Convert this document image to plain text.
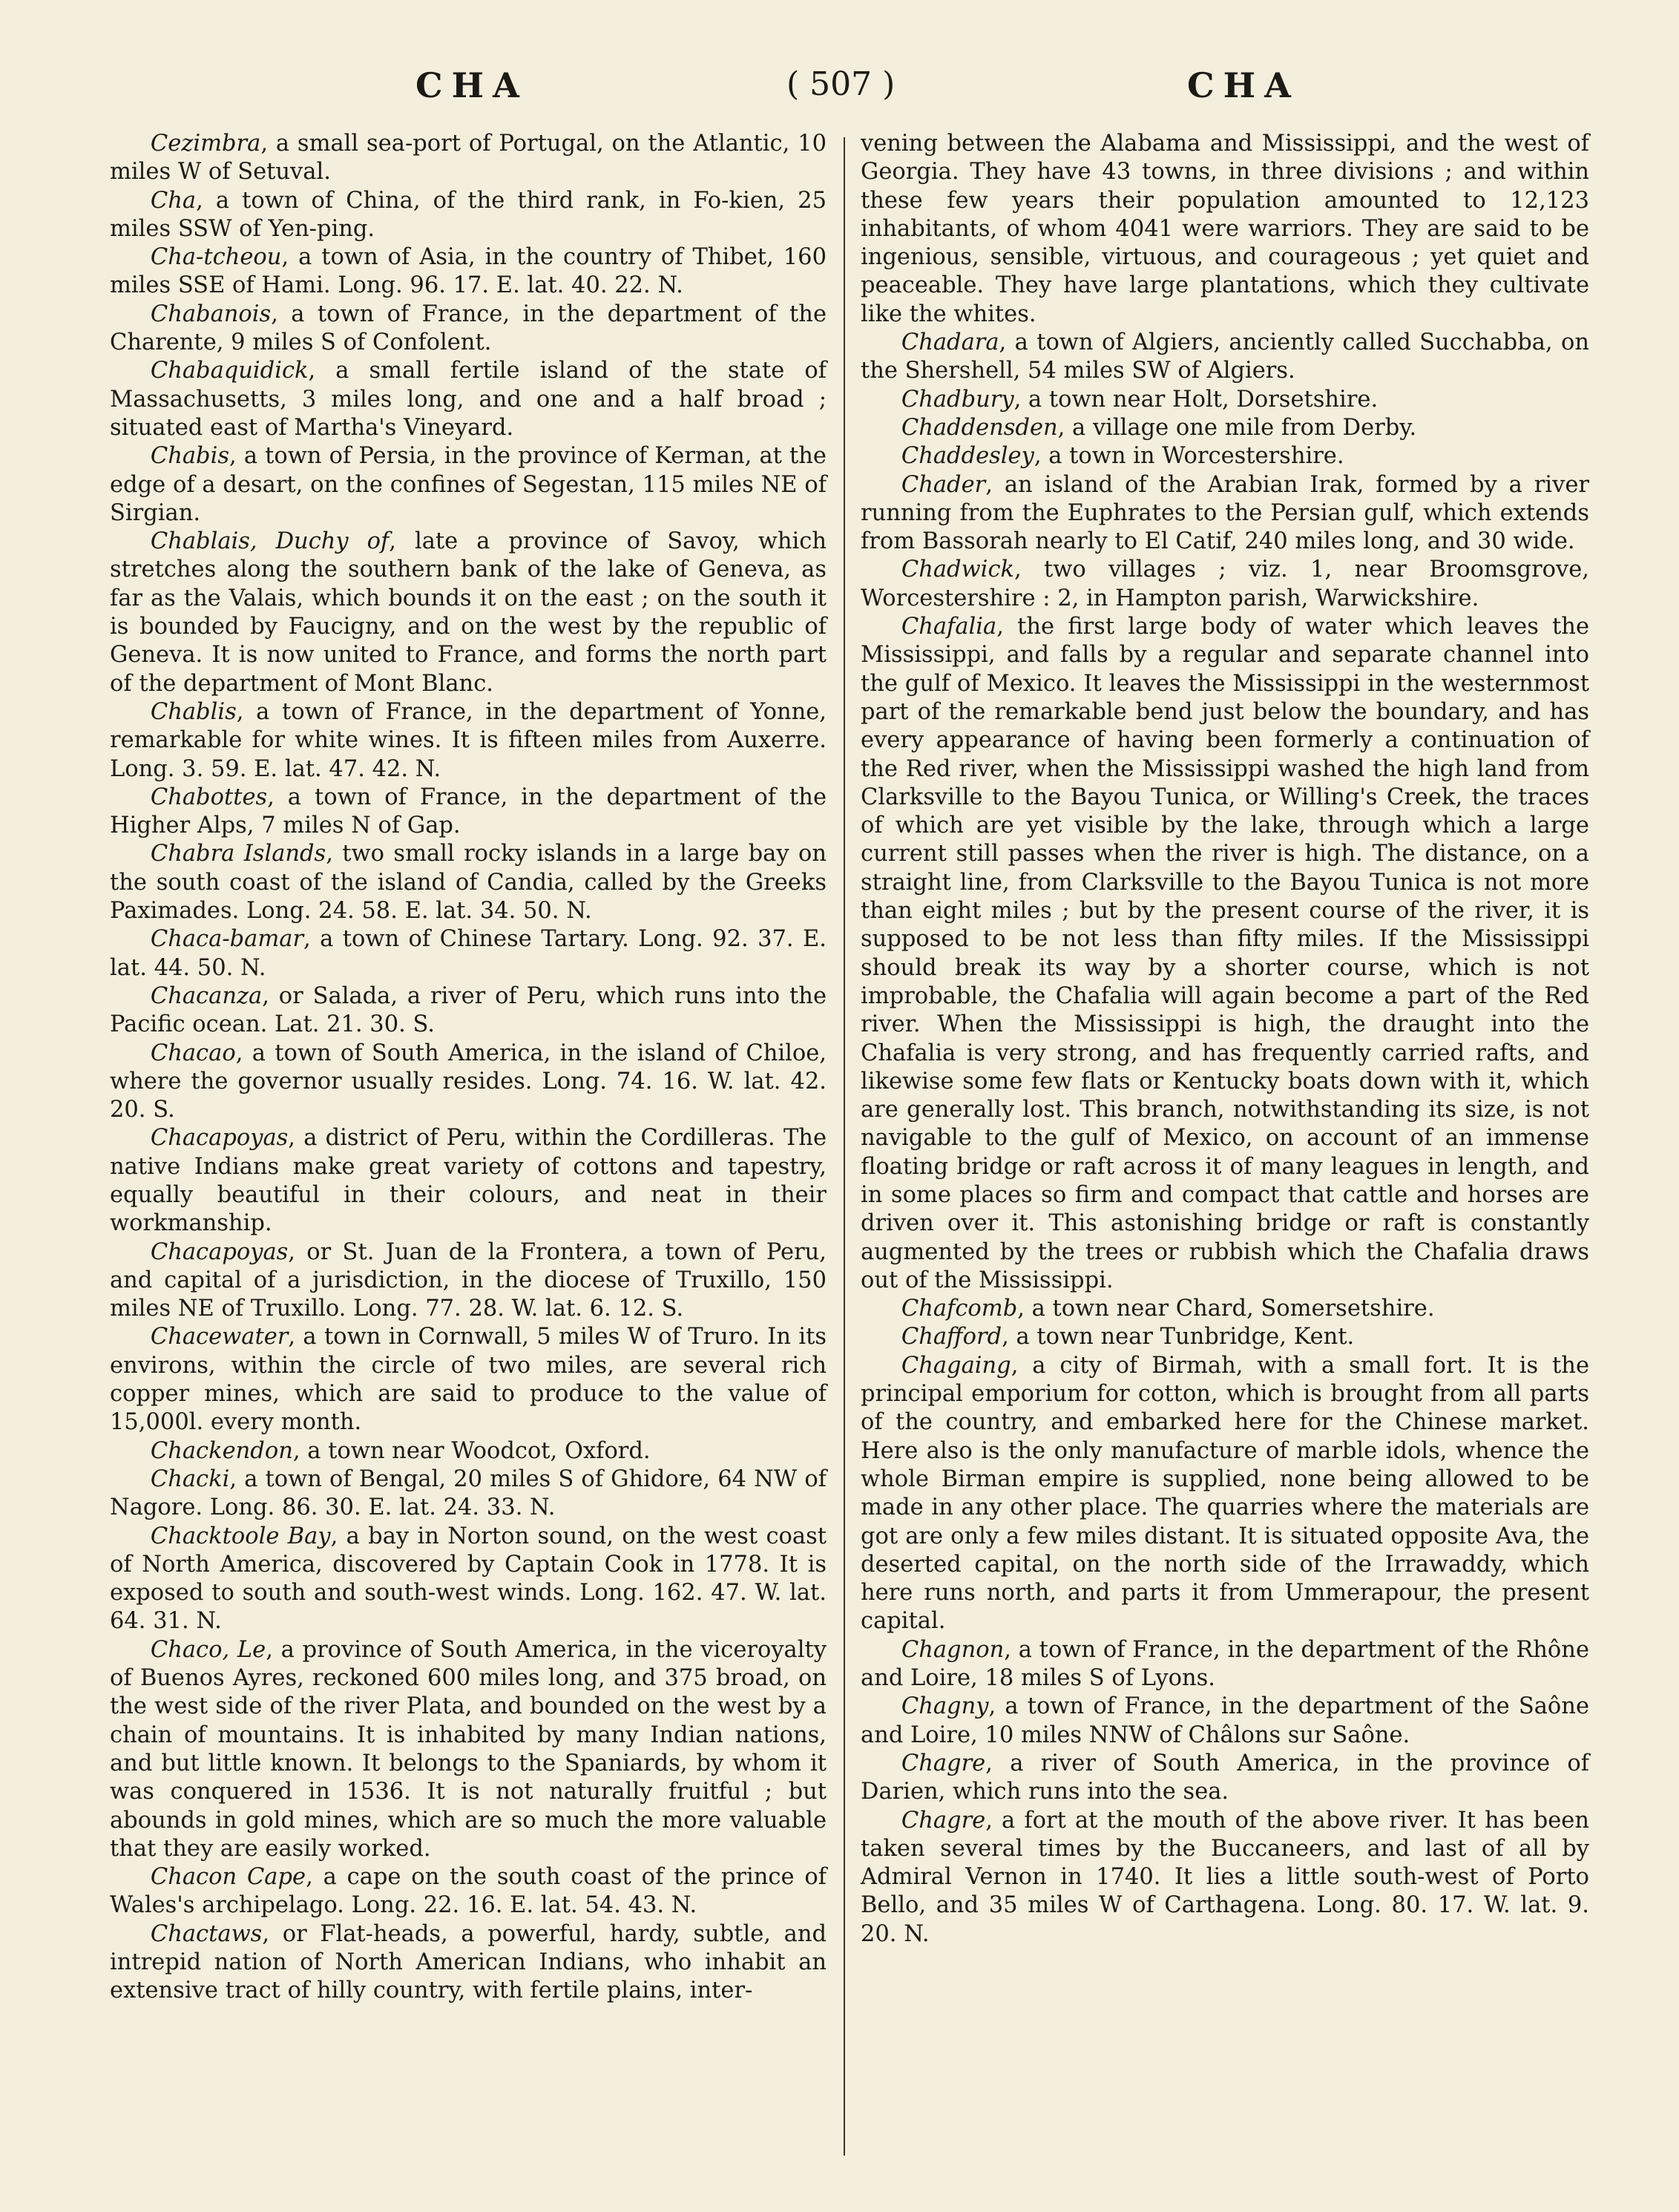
CHA	( 507 )	CHA

Cezimbra, a small sea-port of Portugal, on the Atlantic, 10 miles W of Setuval.

Cha, a town of China, of the third rank, in Fo-kien, 25 miles SSW of Yen-ping.

Cha-tcheou, a town of Asia, in the country of Thibet, 160 miles SSE of Hami. Long. 96. 17. E. lat. 40. 22. N.

Chabanois, a town of France, in the department of the Charente, 9 miles S of Confolent.

Chabaquidick, a small fertile island of the state of Massachusetts, 3 miles long, and one and a half broad ; situated east of Martha's Vineyard.

Chabis, a town of Persia, in the province of Kerman, at the edge of a desart, on the confines of Segestan, 115 miles NE of Sirgian.

Chablais, Duchy of, late a province of Savoy, which stretches along the southern bank of the lake of Geneva, as far as the Valais, which bounds it on the east ; on the south it is bounded by Faucigny, and on the west by the republic of Geneva. It is now united to France, and forms the north part of the department of Mont Blanc.

Chablis, a town of France, in the department of Yonne, remarkable for white wines. It is fifteen miles from Auxerre. Long. 3. 59. E. lat. 47. 42. N.

Chabottes, a town of France, in the department of the Higher Alps, 7 miles N of Gap.

Chabra Islands, two small rocky islands in a large bay on the south coast of the island of Candia, called by the Greeks Paximades. Long. 24. 58. E. lat. 34. 50. N.

Chaca-bamar, a town of Chinese Tartary. Long. 92. 37. E. lat. 44. 50. N.

Chacanza, or Salada, a river of Peru, which runs into the Pacific ocean. Lat. 21. 30. S.

Chacao, a town of South America, in the island of Chiloe, where the governor usually resides. Long. 74. 16. W. lat. 42. 20. S.

Chacapoyas, a district of Peru, within the Cordilleras. The native Indians make great variety of cottons and tapestry, equally beautiful in their colours, and neat in their workmanship.

Chacapoyas, or St. Juan de la Frontera, a town of Peru, and capital of a jurisdiction, in the diocese of Truxillo, 150 miles NE of Truxillo. Long. 77. 28. W. lat. 6. 12. S.

Chacewater, a town in Cornwall, 5 miles W of Truro. In its environs, within the circle of two miles, are several rich copper mines, which are said to produce to the value of 15,000l. every month.

Chackendon, a town near Woodcot, Oxford.

Chacki, a town of Bengal, 20 miles S of Ghidore, 64 NW of Nagore. Long. 86. 30. E. lat. 24. 33. N.

Chacktoole Bay, a bay in Norton sound, on the west coast of North America, discovered by Captain Cook in 1778. It is exposed to south and south-west winds. Long. 162. 47. W. lat. 64. 31. N.

Chaco, Le, a province of South America, in the viceroyalty of Buenos Ayres, reckoned 600 miles long, and 375 broad, on the west side of the river Plata, and bounded on the west by a chain of mountains. It is inhabited by many Indian nations, and but little known. It belongs to the Spaniards, by whom it was conquered in 1536. It is not naturally fruitful ; but abounds in gold mines, which are so much the more valuable that they are easily worked.

Chacon Cape, a cape on the south coast of the prince of Wales's archipelago. Long. 22. 16. E. lat. 54. 43. N.

Chactaws, or Flat-heads, a powerful, hardy, subtle, and intrepid nation of North American Indians, who inhabit an extensive tract of hilly country, with fertile plains, inter-

vening between the Alabama and Mississippi, and the west of Georgia. They have 43 towns, in three divisions ; and within these few years their population amounted to 12,123 inhabitants, of whom 4041 were warriors. They are said to be ingenious, sensible, virtuous, and courageous ; yet quiet and peaceable. They have large plantations, which they cultivate like the whites.

Chadara, a town of Algiers, anciently called Succhabba, on the Shershell, 54 miles SW of Algiers.

Chadbury, a town near Holt, Dorsetshire.

Chaddensden, a village one mile from Derby.

Chaddesley, a town in Worcestershire.

Chader, an island of the Arabian Irak, formed by a river running from the Euphrates to the Persian gulf, which extends from Bassorah nearly to El Catif, 240 miles long, and 30 wide.

Chadwick, two villages ; viz. 1, near Broomsgrove, Worcestershire : 2, in Hampton parish, Warwickshire.

Chafalia, the first large body of water which leaves the Mississippi, and falls by a regular and separate channel into the gulf of Mexico. It leaves the Mississippi in the westernmost part of the remarkable bend just below the boundary, and has every appearance of having been formerly a continuation of the Red river, when the Mississippi washed the high land from Clarksville to the Bayou Tunica, or Willing's Creek, the traces of which are yet visible by the lake, through which a large current still passes when the river is high. The distance, on a straight line, from Clarksville to the Bayou Tunica is not more than eight miles ; but by the present course of the river, it is supposed to be not less than fifty miles. If the Mississippi should break its way by a shorter course, which is not improbable, the Chafalia will again become a part of the Red river. When the Mississippi is high, the draught into the Chafalia is very strong, and has frequently carried rafts, and likewise some few flats or Kentucky boats down with it, which are generally lost. This branch, notwithstanding its size, is not navigable to the gulf of Mexico, on account of an immense floating bridge or raft across it of many leagues in length, and in some places so firm and compact that cattle and horses are driven over it. This astonishing bridge or raft is constantly augmented by the trees or rubbish which the Chafalia draws out of the Mississippi.

Chafcomb, a town near Chard, Somersetshire.

Chafford, a town near Tunbridge, Kent.

Chagaing, a city of Birmah, with a small fort. It is the principal emporium for cotton, which is brought from all parts of the country, and embarked here for the Chinese market. Here also is the only manufacture of marble idols, whence the whole Birman empire is supplied, none being allowed to be made in any other place. The quarries where the materials are got are only a few miles distant. It is situated opposite Ava, the deserted capital, on the north side of the Irrawaddy, which here runs north, and parts it from Ummerapour, the present capital.

Chagnon, a town of France, in the department of the Rhône and Loire, 18 miles S of Lyons.

Chagny, a town of France, in the department of the Saône and Loire, 10 miles NNW of Châlons sur Saône.

Chagre, a river of South America, in the province of Darien, which runs into the sea.

Chagre, a fort at the mouth of the above river. It has been taken several times by the Buccaneers, and last of all by Admiral Vernon in 1740. It lies a little south-west of Porto Bello, and 35 miles W of Carthagena. Long. 80. 17. W. lat. 9. 20. N.
